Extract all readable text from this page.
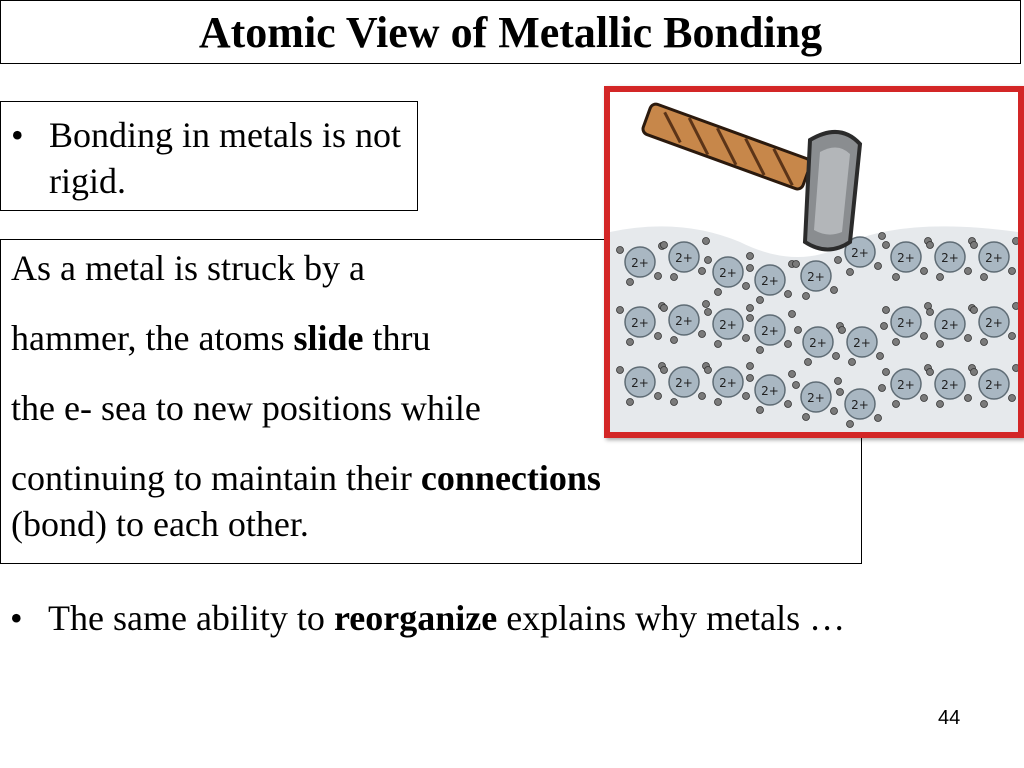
Atomic View of Metallic Bonding
• Bonding in metals is not rigid.

As a metal is struck by a

hammer, the atoms slide thru

the e- sea to new positions while

continuing to maintain their connections

(bond) to each other.

2+ 2+
2+
2+ 2+
2+ 2+ 2+ 2+
2+ 2+ 2+ 2+
2+ 2+
2+ 2+ 2+
2+ 2+ 2+
2+ 2+ 2+
2+ 2+ 2+
• The same ability to reorganize explains why metals …
44
